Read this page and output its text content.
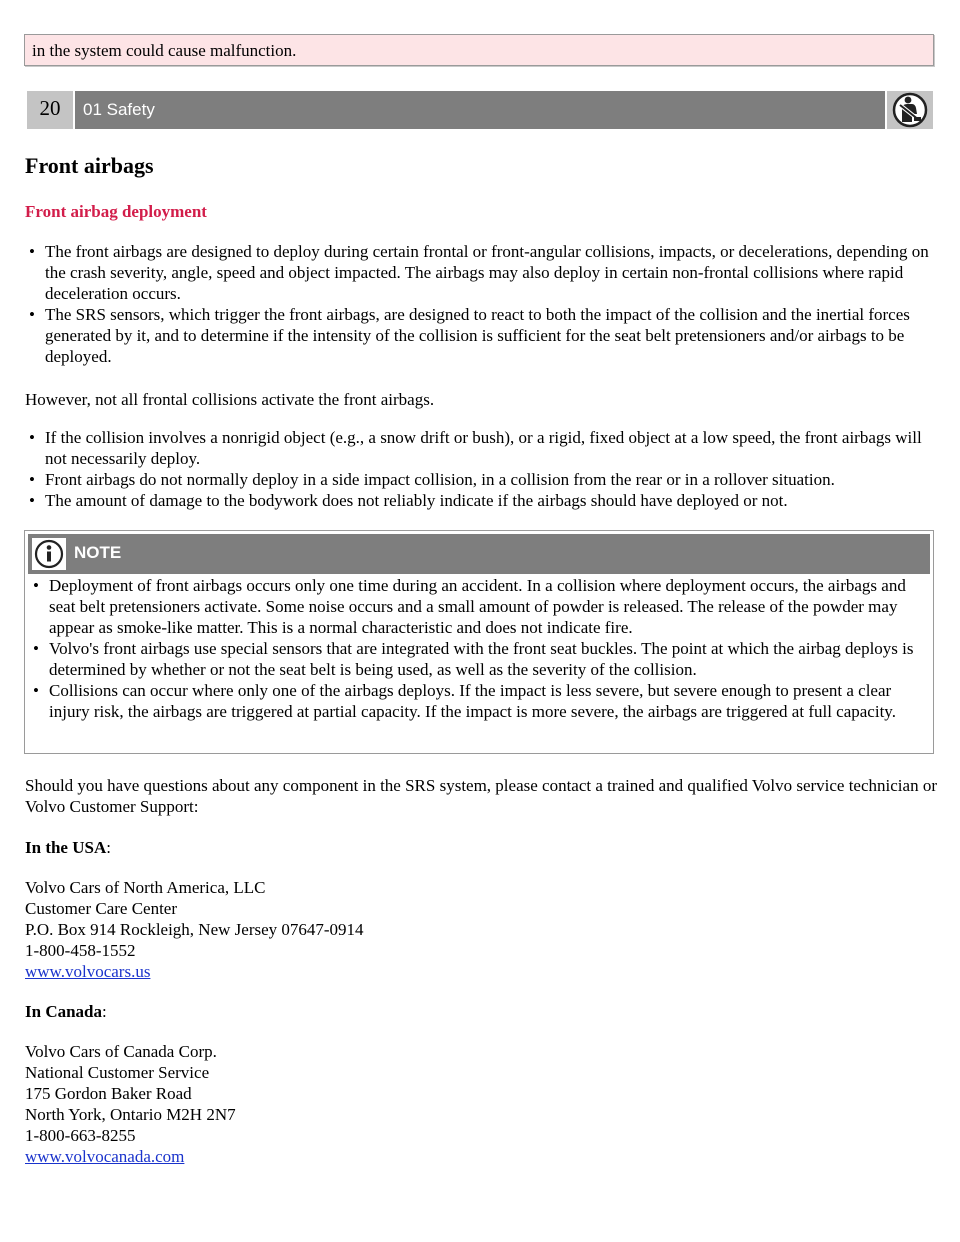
in the system could cause malfunction.
20	01 Safety
Front airbags
Front airbag deployment
• The front airbags are designed to deploy during certain frontal or front-angular collisions, impacts, or decelerations, depending on the crash severity, angle, speed and object impacted. The airbags may also deploy in certain non-frontal collisions where rapid deceleration occurs.
• The SRS sensors, which trigger the front airbags, are designed to react to both the impact of the collision and the inertial forces generated by it, and to determine if the intensity of the collision is sufficient for the seat belt pretensioners and/or airbags to be deployed.

However, not all frontal collisions activate the front airbags.

• If the collision involves a nonrigid object (e.g., a snow drift or bush), or a rigid, fixed object at a low speed, the front airbags will not necessarily deploy.
• Front airbags do not normally deploy in a side impact collision, in a collision from the rear or in a rollover situation.
• The amount of damage to the bodywork does not reliably indicate if the airbags should have deployed or not.
NOTE
• Deployment of front airbags occurs only one time during an accident. In a collision where deployment occurs, the airbags and seat belt pretensioners activate. Some noise occurs and a small amount of powder is released. The release of the powder may appear as smoke-like matter. This is a normal characteristic and does not indicate fire.
• Volvo's front airbags use special sensors that are integrated with the front seat buckles. The point at which the airbag deploys is determined by whether or not the seat belt is being used, as well as the severity of the collision.
• Collisions can occur where only one of the airbags deploys. If the impact is less severe, but severe enough to present a clear injury risk, the airbags are triggered at partial capacity. If the impact is more severe, the airbags are triggered at full capacity.

Should you have questions about any component in the SRS system, please contact a trained and qualified Volvo service technician or Volvo Customer Support:

In the USA:
Volvo Cars of North America, LLC
Customer Care Center
P.O. Box 914 Rockleigh, New Jersey 07647-0914
1-800-458-1552
www.volvocars.us
In Canada:
Volvo Cars of Canada Corp.
National Customer Service
175 Gordon Baker Road
North York, Ontario M2H 2N7
1-800-663-8255
www.volvocanada.com
